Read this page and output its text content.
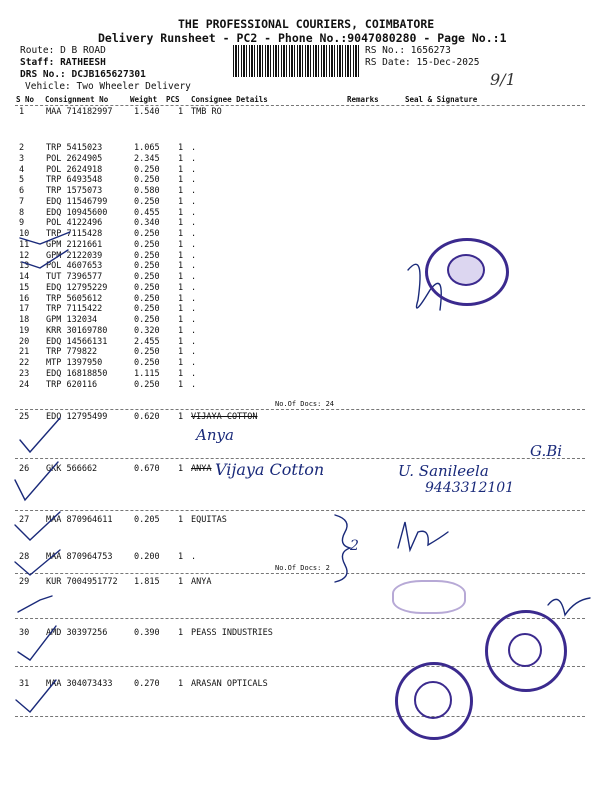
THE PROFESSIONAL COURIERS, COIMBATORE
Delivery Runsheet - PC2 - Phone No.:9047080280 - Page No.:1
Route: D B ROAD
Staff: RATHEESH
DRS No.: DCJB165627301
Vehicle: Two Wheeler Delivery
RS No.: 1656273
RS Date: 15-Dec-2025
9/1
S No Consignment No	Weight PCS Consignee Details	Remarks	Seal & Signature
1	MAA 714182997	1.540 1 TMB RO
2	TRP 5415023	1.065 1 .
3	POL 2624905	2.345 1 .
4	POL 2624918	0.250 1 .
5	TRP 6493548	0.250 1 .
6	TRP 1575073	0.580 1 .
7	EDQ 11546799	0.250 1 .
8	EDQ 10945600	0.455 1 .
9	POL 4122496	0.340 1 .
10 TRP 7115428	0.250 1 .
11 GPM 2121661	0.250 1 .
12 GPM 2122039	0.250 1 .
13 POL 4607653	0.250 1 .
14 TUT 7396577	0.250 1 .
15 EDQ 12795229	0.250 1 .
16 TRP 5605612	0.250 1 .
17 TRP 7115422	0.250 1 .
18 GPM 132034	0.250 1 .
19 KRR 30169780	0.320 1 .
20 EDQ 14566131	2.455 1 .
21 TRP 779822	0.250 1 .
22 MTP 1397950	0.250 1 .
23 EDQ 16818850	1.115 1 .
24 TRP 620116	0.250 1 .
No.Of Docs: 24
25 EDQ 12795499	0.620 1 VIJAYA COTTON
Anya
26 GKK 566662	0.670 1 ANYA Vijaya Cotton	U. Sanileela
9443312101
G.Bi
27 MAA 870964611	0.205 1 EQUITAS
28 MAA 870964753	0.200 1 .
No.Of Docs: 2
2
29 KUR 7004951772 1.815 1 ANYA
30 AMD 30397256	0.390 1 PEASS INDUSTRIES
31 MAA 304073433	0.270 1 ARASAN OPTICALS
